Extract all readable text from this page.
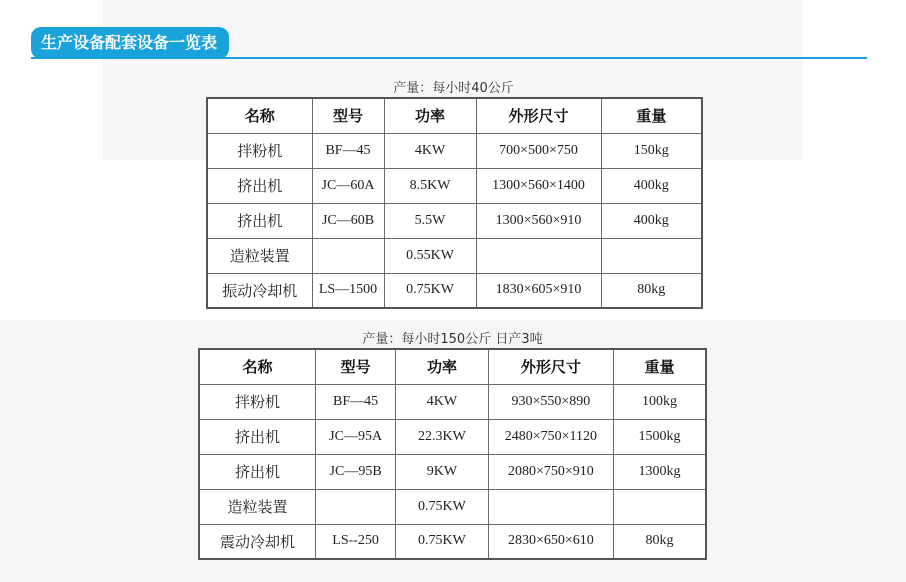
生产设备配套设备一览表
产量：每小时40公斤
名称	型号	功率	外形尺寸	重量
拌粉机	BF—45	4KW	700×500×750	150kg
挤出机	JC—60A	8.5KW	1300×560×1400	400kg
挤出机	JC—60B	5.5W	1300×560×910	400kg
造粒装置		0.55KW		
振动冷却机	LS—1500	0.75KW	1830×605×910	80kg
产量：每小时150公斤 日产3吨
名称	型号	功率	外形尺寸	重量
拌粉机	BF—45	4KW	930×550×890	100kg
挤出机	JC—95A	22.3KW	2480×750×1120	1500kg
挤出机	JC—95B	9KW	2080×750×910	1300kg
造粒装置		0.75KW		
震动冷却机	LS--250	0.75KW	2830×650×610	80kg
